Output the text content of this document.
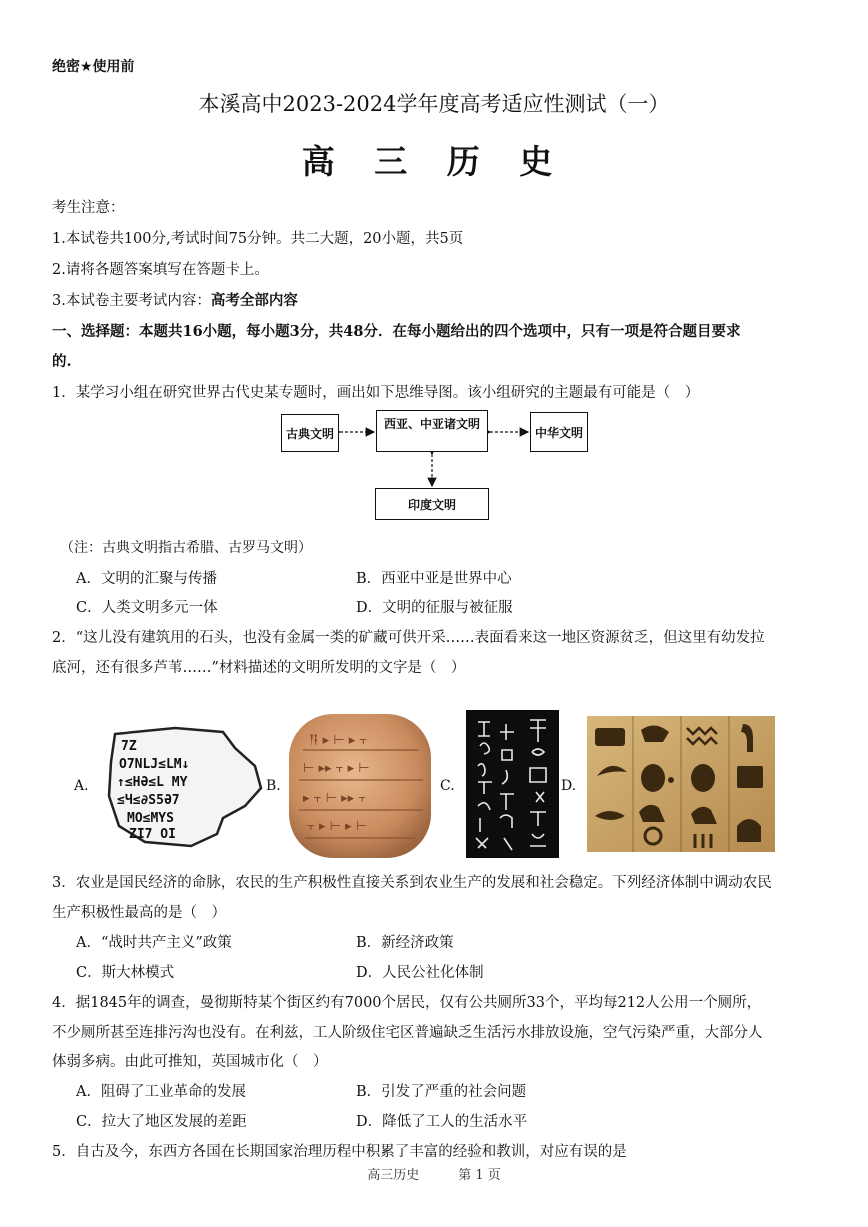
绝密★使用前
本溪高中2023-2024学年度高考适应性测试（一）
高 三 历 史
考生注意：
1.本试卷共100分,考试时间75分钟。共二大题，20小题，共5页
2.请将各题答案填写在答题卡上。
3.本试卷主要考试内容：高考全部内容
一、选择题：本题共16小题，每小题3分，共48分．在每小题给出的四个选项中，只有一项是符合题目要求
的.
1．某学习小组在研究世界古代史某专题时，画出如下思维导图。该小组研究的主题最有可能是（　）
古典文明
西亚、中亚诸文明
中华文明
印度文明
（注：古典文明指古希腊、古罗马文明）
A．文明的汇聚与传播	B．西亚中亚是世界中心
C．人类文明多元一体	D．文明的征服与被征服
2．“这儿没有建筑用的石头，也没有金属一类的矿藏可供开采……表面看来这一地区资源贫乏，但这里有幼发拉
底河，还有很多芦苇……”材料描述的文明所发明的文字是（　）
A.
7Z
O7NLJ≤LM↓
↑≤HӘ≤L MY
≤Ч≤∂S5Ə7
MO≤MYS
ZI7 OI
B.
𒀀 ▸ ⊢ ▸ ⫟
⊢ ▸▸ ⫟ ▸ ⊢
▸ ⫟ ⊢ ▸▸ ⫟
⫟ ▸ ⊢ ▸ ⊢
C.	D.
3．农业是国民经济的命脉，农民的生产积极性直接关系到农业生产的发展和社会稳定。下列经济体制中调动农民
生产积极性最高的是（　）
A．“战时共产主义”政策	B．新经济政策
C．斯大林模式	D．人民公社化体制
4．据1845年的调查，曼彻斯特某个街区约有7000个居民，仅有公共厕所33个，平均每212人公用一个厕所，
不少厕所甚至连排污沟也没有。在利兹，工人阶级住宅区普遍缺乏生活污水排放设施，空气污染严重，大部分人
体弱多病。由此可推知，英国城市化（　）
A．阻碍了工业革命的发展	B．引发了严重的社会问题
C．拉大了地区发展的差距	D．降低了工人的生活水平
5．自古及今，东西方各国在长期国家治理历程中积累了丰富的经验和教训，对应有误的是
高三历史　　　第 1 页
